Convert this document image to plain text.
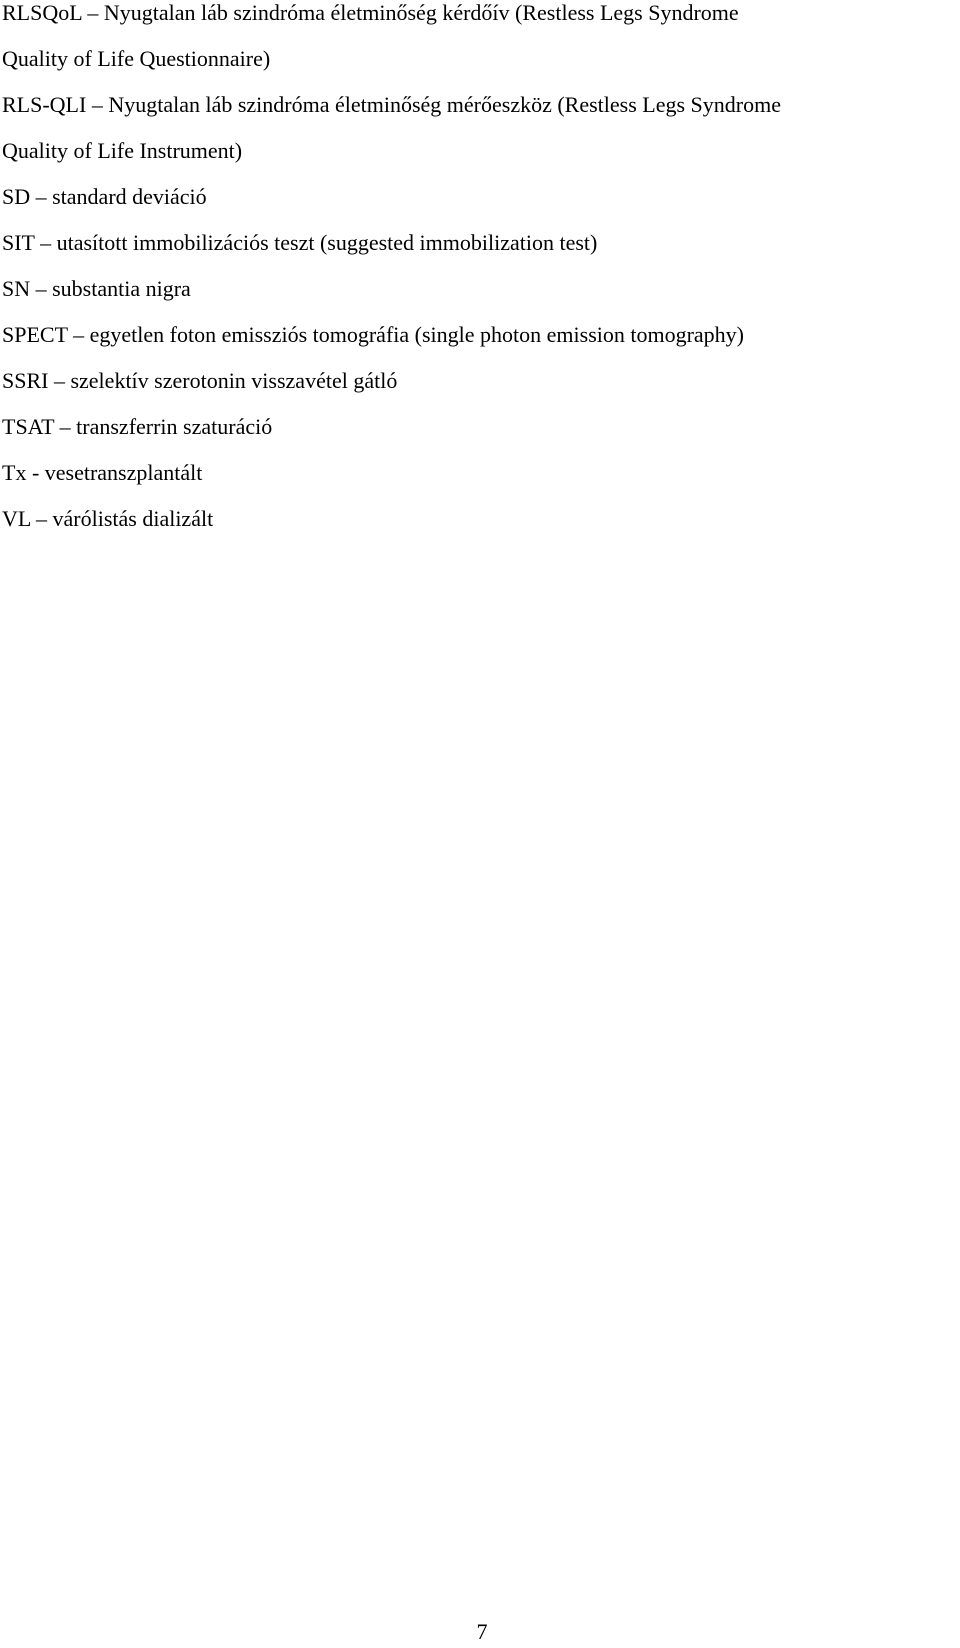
RLSQoL – Nyugtalan láb szindróma életminőség kérdőív (Restless Legs Syndrome

Quality of Life Questionnaire)

RLS-QLI – Nyugtalan láb szindróma életminőség mérőeszköz (Restless Legs Syndrome

Quality of Life Instrument)

SD – standard deviáció

SIT – utasított immobilizációs teszt (suggested immobilization test)

SN – substantia nigra

SPECT – egyetlen foton emissziós tomográfia (single photon emission tomography)

SSRI – szelektív szerotonin visszavétel gátló

TSAT – transzferrin szaturáció

Tx - vesetranszplantált

VL – várólistás dializált

7
